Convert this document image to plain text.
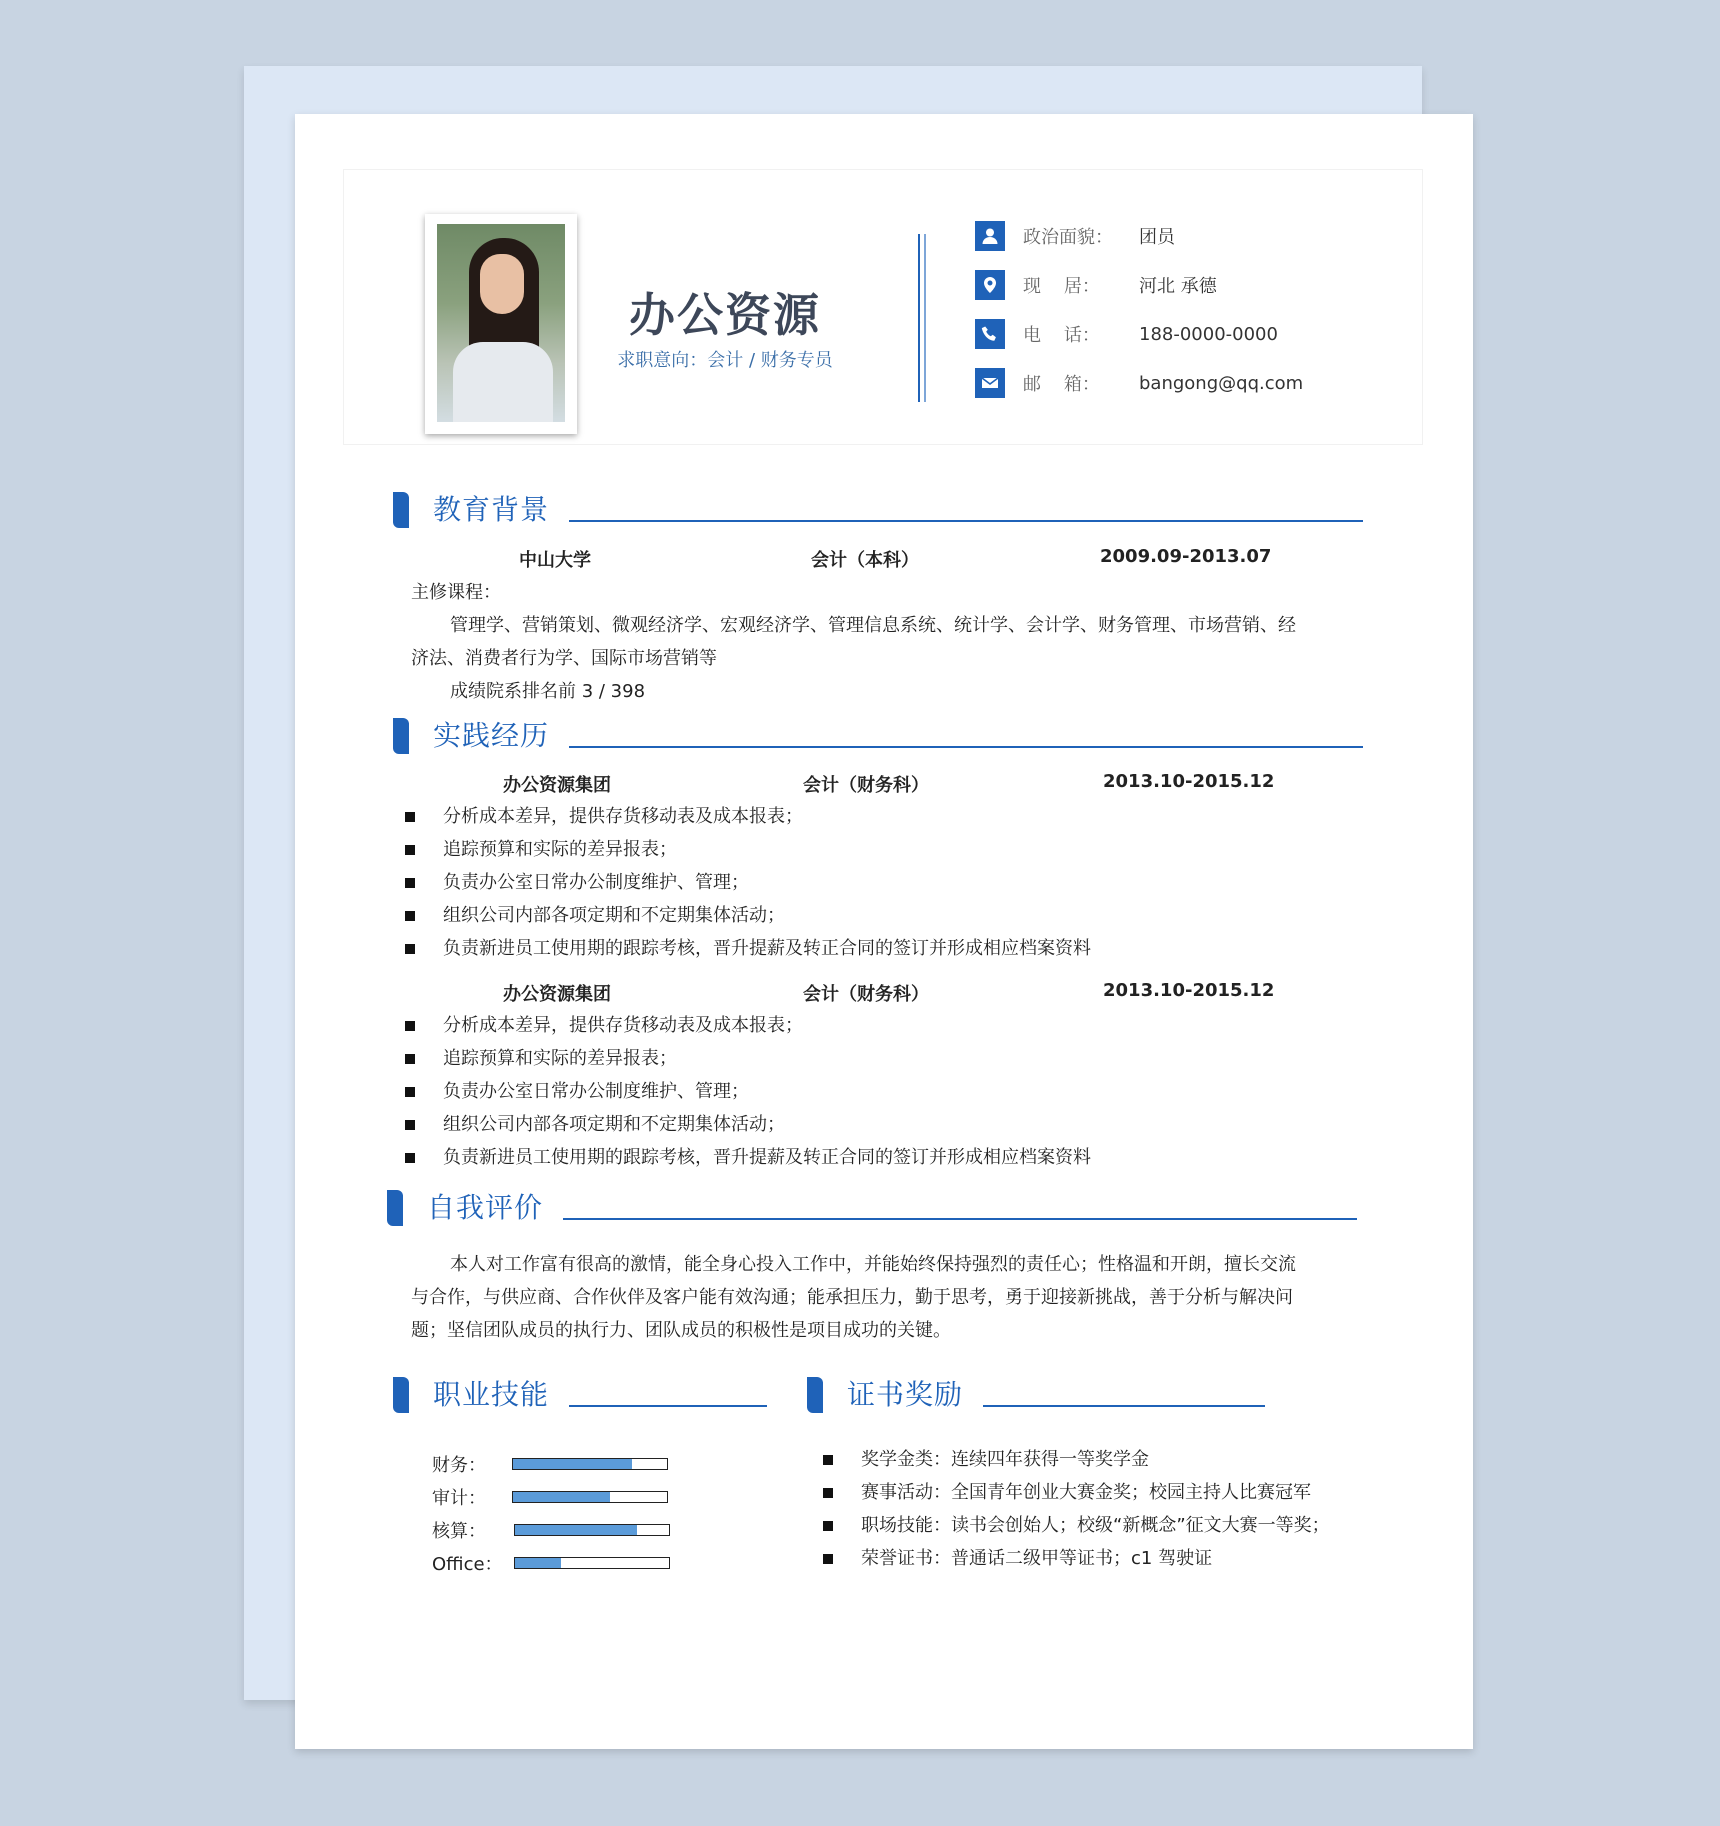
办公资源
求职意向：会计 / 财务专员
政治面貌：	团员
现    居：	河北 承德
电    话：	188-0000-0000
邮    箱：	bangong@qq.com
教育背景
中山大学	会计（本科）	2009.09-2013.07
主修课程：
管理学、营销策划、微观经济学、宏观经济学、管理信息系统、统计学、会计学、财务管理、市场营销、经
济法、消费者行为学、国际市场营销等
成绩院系排名前 3 / 398
实践经历
办公资源集团	会计（财务科）	2013.10-2015.12
分析成本差异，提供存货移动表及成本报表；
追踪预算和实际的差异报表；
负责办公室日常办公制度维护、管理；
组织公司内部各项定期和不定期集体活动；
负责新进员工使用期的跟踪考核，晋升提薪及转正合同的签订并形成相应档案资料
办公资源集团	会计（财务科）	2013.10-2015.12
分析成本差异，提供存货移动表及成本报表；
追踪预算和实际的差异报表；
负责办公室日常办公制度维护、管理；
组织公司内部各项定期和不定期集体活动；
负责新进员工使用期的跟踪考核，晋升提薪及转正合同的签订并形成相应档案资料
自我评价
本人对工作富有很高的激情，能全身心投入工作中，并能始终保持强烈的责任心；性格温和开朗，擅长交流
与合作，与供应商、合作伙伴及客户能有效沟通；能承担压力，勤于思考，勇于迎接新挑战，善于分析与解决问
题；坚信团队成员的执行力、团队成员的积极性是项目成功的关键。
职业技能
财务：
审计：
核算：
Office：
证书奖励
奖学金类：连续四年获得一等奖学金
赛事活动：全国青年创业大赛金奖；校园主持人比赛冠军
职场技能：读书会创始人；校级“新概念”征文大赛一等奖；
荣誉证书：普通话二级甲等证书；c1 驾驶证
